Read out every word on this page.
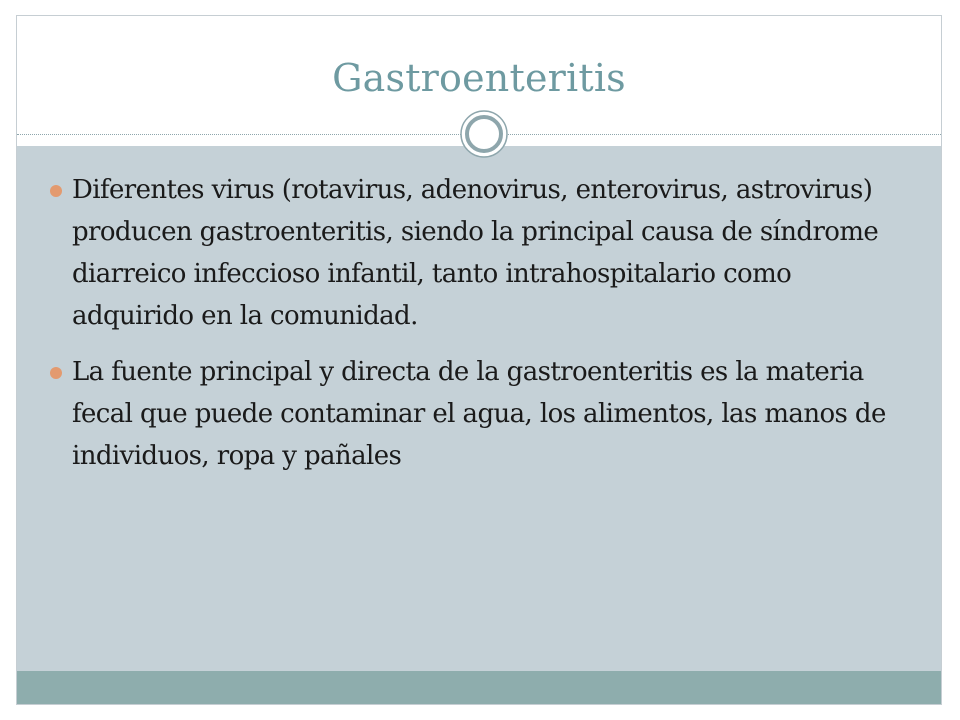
Gastroenteritis
Diferentes virus (rotavirus, adenovirus, enterovirus, astrovirus) producen gastroenteritis, siendo la principal causa de síndrome diarreico infeccioso infantil, tanto intrahospitalario como adquirido en la comunidad.
La fuente principal y directa de la gastroenteritis es la materia fecal que puede contaminar el agua, los alimentos, las manos de individuos, ropa y pañales
